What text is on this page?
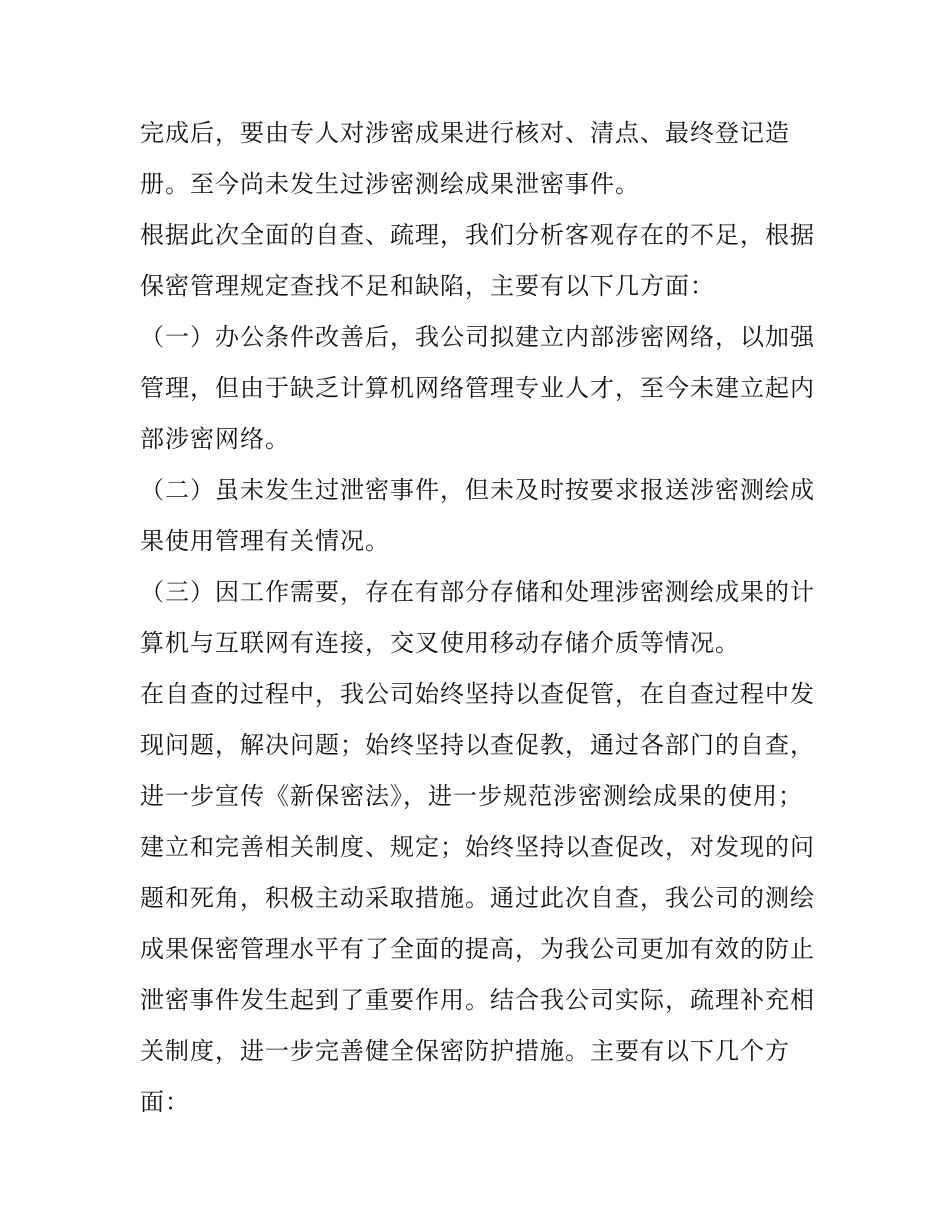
完成后，要由专人对涉密成果进行核对、清点、最终登记造
册。至今尚未发生过涉密测绘成果泄密事件。
根据此次全面的自查、疏理，我们分析客观存在的不足，根据
保密管理规定查找不足和缺陷，主要有以下几方面：
（一）办公条件改善后，我公司拟建立内部涉密网络，以加强
管理，但由于缺乏计算机网络管理专业人才，至今未建立起内
部涉密网络。
（二）虽未发生过泄密事件，但未及时按要求报送涉密测绘成
果使用管理有关情况。
（三）因工作需要，存在有部分存储和处理涉密测绘成果的计
算机与互联网有连接，交叉使用移动存储介质等情况。
在自查的过程中，我公司始终坚持以查促管，在自查过程中发
现问题，解决问题；始终坚持以查促教，通过各部门的自查，
进一步宣传《新保密法》，进一步规范涉密测绘成果的使用；
建立和完善相关制度、规定；始终坚持以查促改，对发现的问
题和死角，积极主动采取措施。通过此次自查，我公司的测绘
成果保密管理水平有了全面的提高，为我公司更加有效的防止
泄密事件发生起到了重要作用。结合我公司实际，疏理补充相
关制度，进一步完善健全保密防护措施。主要有以下几个方
面：
